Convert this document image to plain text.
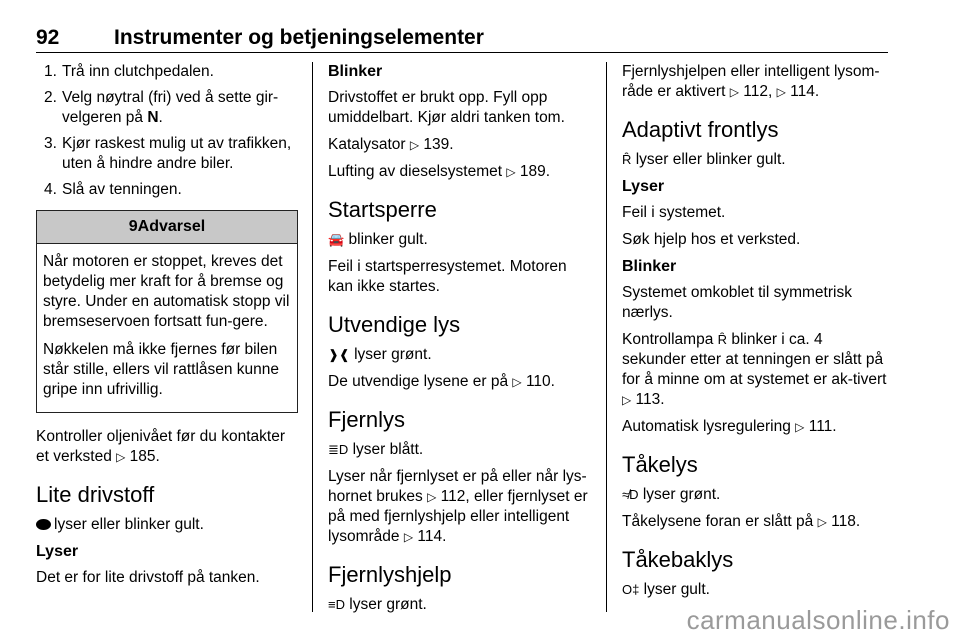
92	Instrumenter og betjeningselementer
1. Trå inn clutchpedalen.
2. Velg nøytral (fri) ved å sette gir-velgeren på N.
3. Kjør raskest mulig ut av trafikken, uten å hindre andre biler.
4. Slå av tenningen.
9Advarsel

Når motoren er stoppet, kreves det betydelig mer kraft for å bremse og styre. Under en automatisk stopp vil bremseservoen fortsatt fun-gere.

Nøkkelen må ikke fjernes før bilen står stille, ellers vil rattlåsen kunne gripe inn ufrivillig.

Kontroller oljenivået før du kontakter et verksted ▷ 185.

Lite drivstoff

lyser eller blinker gult.

Lyser

Det er for lite drivstoff på tanken.

Blinker

Drivstoffet er brukt opp. Fyll opp umiddelbart. Kjør aldri tanken tom.

Katalysator ▷ 139.

Lufting av dieselsystemet ▷ 189.

Startsperre

🚘 blinker gult.

Feil i startsperresystemet. Motoren kan ikke startes.

Utvendige lys

❱❰ lyser grønt.

De utvendige lysene er på ▷ 110.

Fjernlys

≣D lyser blått.

Lyser når fjernlyset er på eller når lys-hornet brukes ▷ 112, eller fjernlyset er på med fjernlyshjelp eller intelligent lysområde ▷ 114.

Fjernlyshjelp

≡D lyser grønt.

Fjernlyshjelpen eller intelligent lysom-råde er aktivert ▷ 112, ▷ 114.

Adaptivt frontlys

Ȓ lyser eller blinker gult.

Lyser

Feil i systemet.

Søk hjelp hos et verksted.

Blinker

Systemet omkoblet til symmetrisk nærlys.

Kontrollampa Ȓ blinker i ca. 4 sekunder etter at tenningen er slått på for å minne om at systemet er ak-tivert ▷ 113.

Automatisk lysregulering ▷ 111.

Tåkelys

≉D lyser grønt.

Tåkelysene foran er slått på ▷ 118.

Tåkebaklys

O‡ lyser gult.

carmanualsonline.info
